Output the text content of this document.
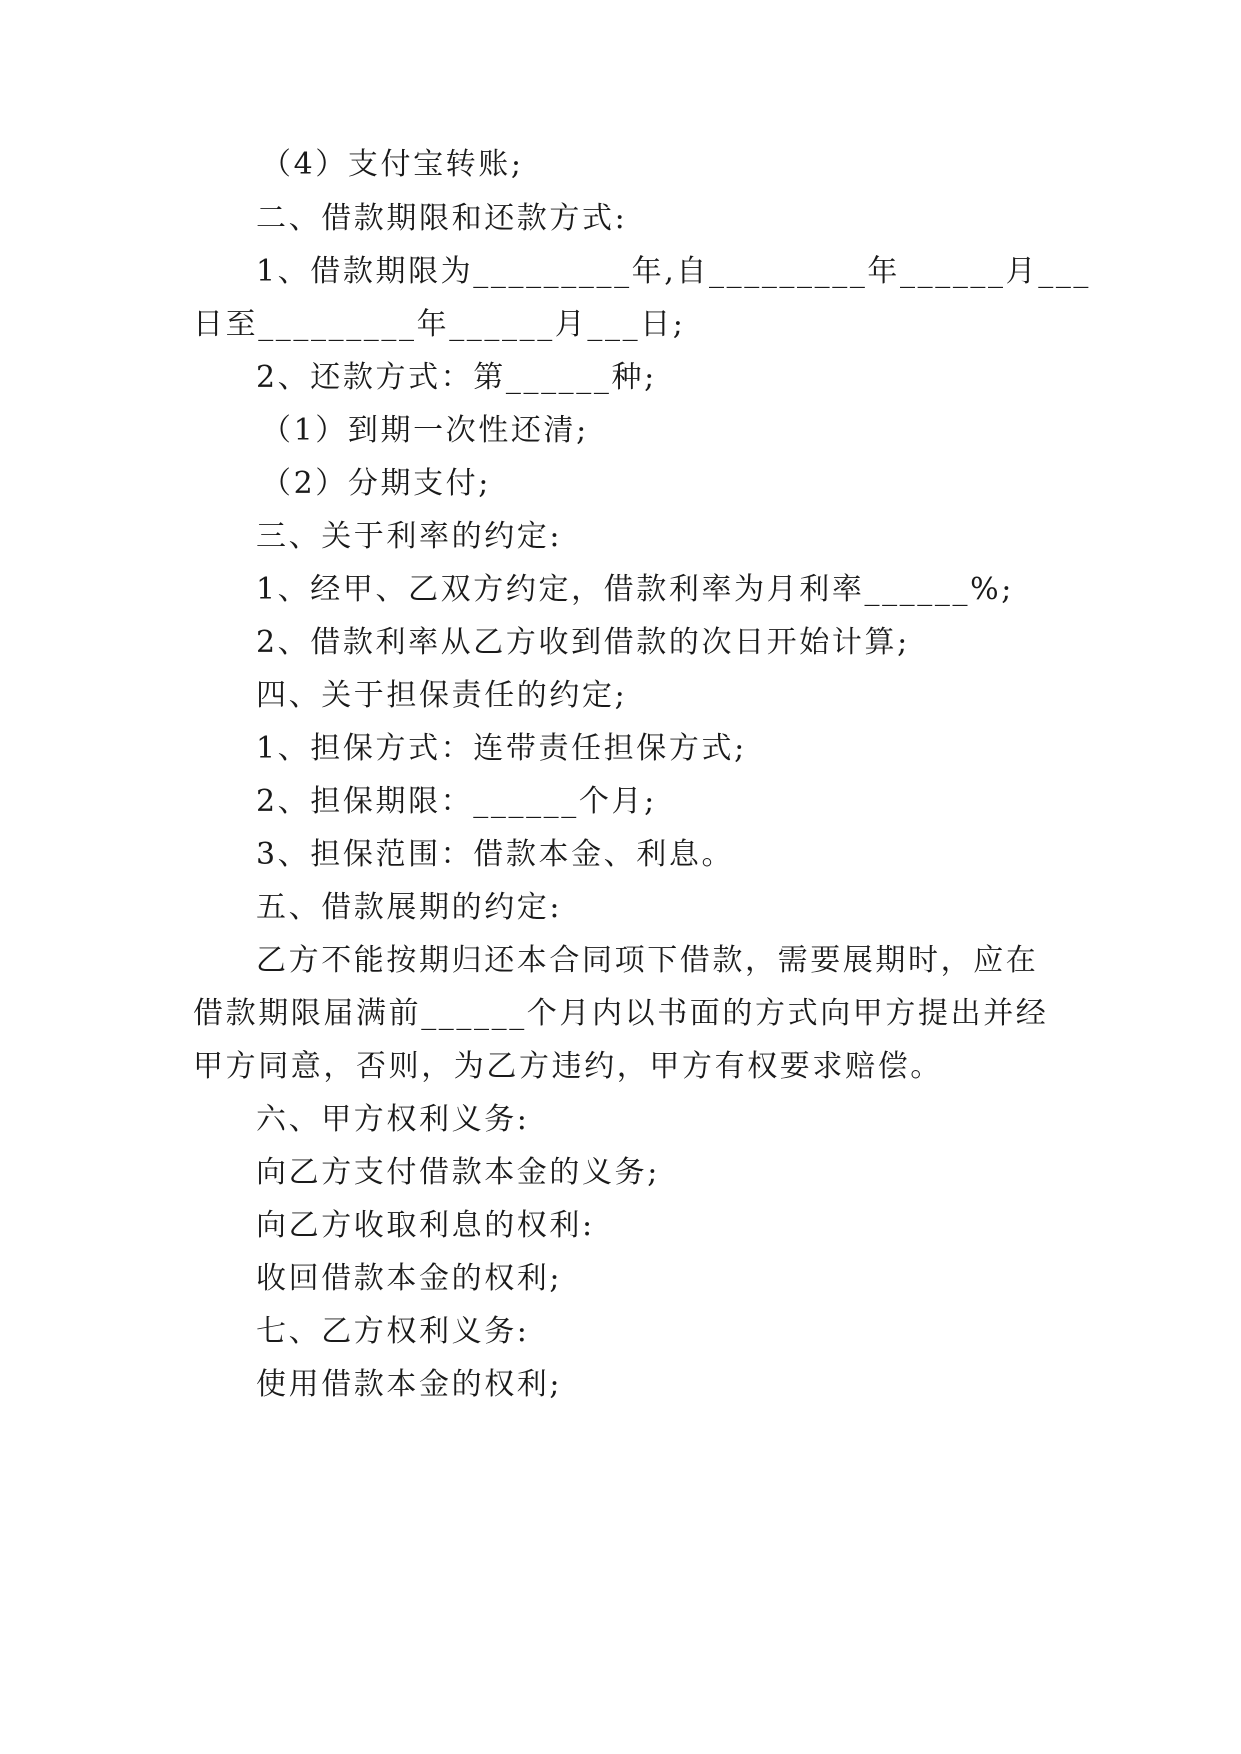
（4）支付宝转账;
二、借款期限和还款方式:
1、借款期限为_________年,自_________年______月___
日至_________年______月___日;
2、还款方式：第______种;
（1）到期一次性还清;
（2）分期支付;
三、关于利率的约定:
1、经甲、乙双方约定，借款利率为月利率______%;
2、借款利率从乙方收到借款的次日开始计算;
四、关于担保责任的约定;
1、担保方式：连带责任担保方式;
2、担保期限：______个月;
3、担保范围：借款本金、利息。
五、借款展期的约定:
乙方不能按期归还本合同项下借款，需要展期时，应在
借款期限届满前______个月内以书面的方式向甲方提出并经
甲方同意，否则，为乙方违约，甲方有权要求赔偿。
六、甲方权利义务:
向乙方支付借款本金的义务;
向乙方收取利息的权利:
收回借款本金的权利;
七、乙方权利义务:
使用借款本金的权利;
